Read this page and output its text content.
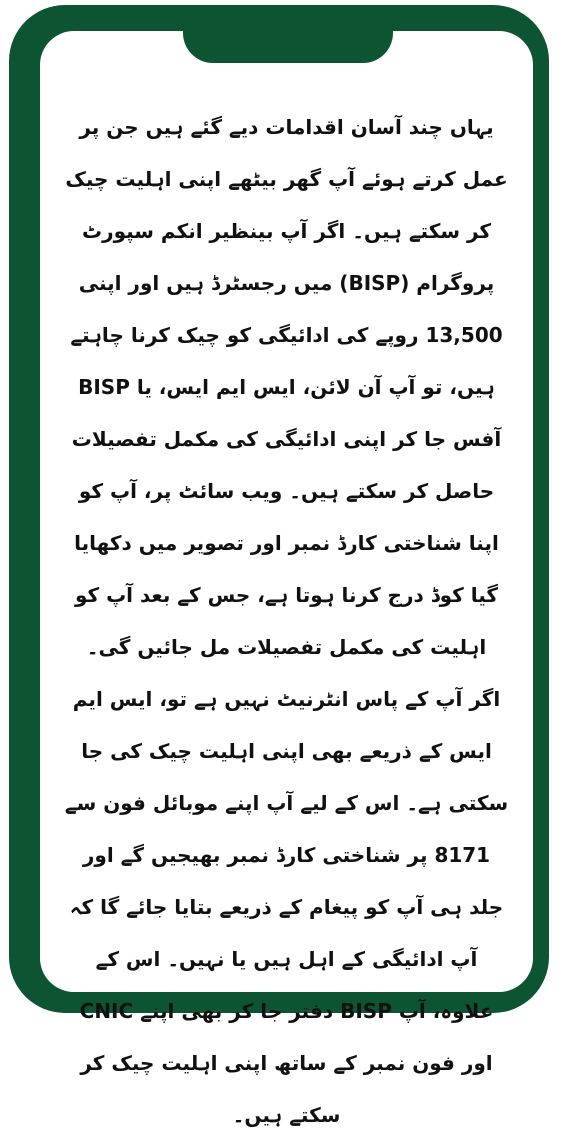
یہاں چند آسان اقدامات دیے گئے ہیں جن پر عمل کرتے ہوئے آپ گھر بیٹھے اپنی اہلیت چیک کر سکتے ہیں۔ اگر آپ بینظیر انکم سپورٹ پروگرام (BISP) میں رجسٹرڈ ہیں اور اپنی 13,500 روپے کی ادائیگی کو چیک کرنا چاہتے ہیں، تو آپ آن لائن، ایس ایم ایس، یا BISP آفس جا کر اپنی ادائیگی کی مکمل تفصیلات حاصل کر سکتے ہیں۔ ویب سائٹ پر، آپ کو اپنا شناختی کارڈ نمبر اور تصویر میں دکھایا گیا کوڈ درج کرنا ہوتا ہے، جس کے بعد آپ کو اہلیت کی مکمل تفصیلات مل جائیں گی۔

اگر آپ کے پاس انٹرنیٹ نہیں ہے تو، ایس ایم ایس کے ذریعے بھی اپنی اہلیت چیک کی جا سکتی ہے۔ اس کے لیے آپ اپنے موبائل فون سے 8171 پر شناختی کارڈ نمبر بھیجیں گے اور جلد ہی آپ کو پیغام کے ذریعے بتایا جائے گا کہ آپ ادائیگی کے اہل ہیں یا نہیں۔ اس کے علاوہ، آپ BISP دفتر جا کر بھی اپنے CNIC اور فون نمبر کے ساتھ اپنی اہلیت چیک کر سکتے ہیں۔
